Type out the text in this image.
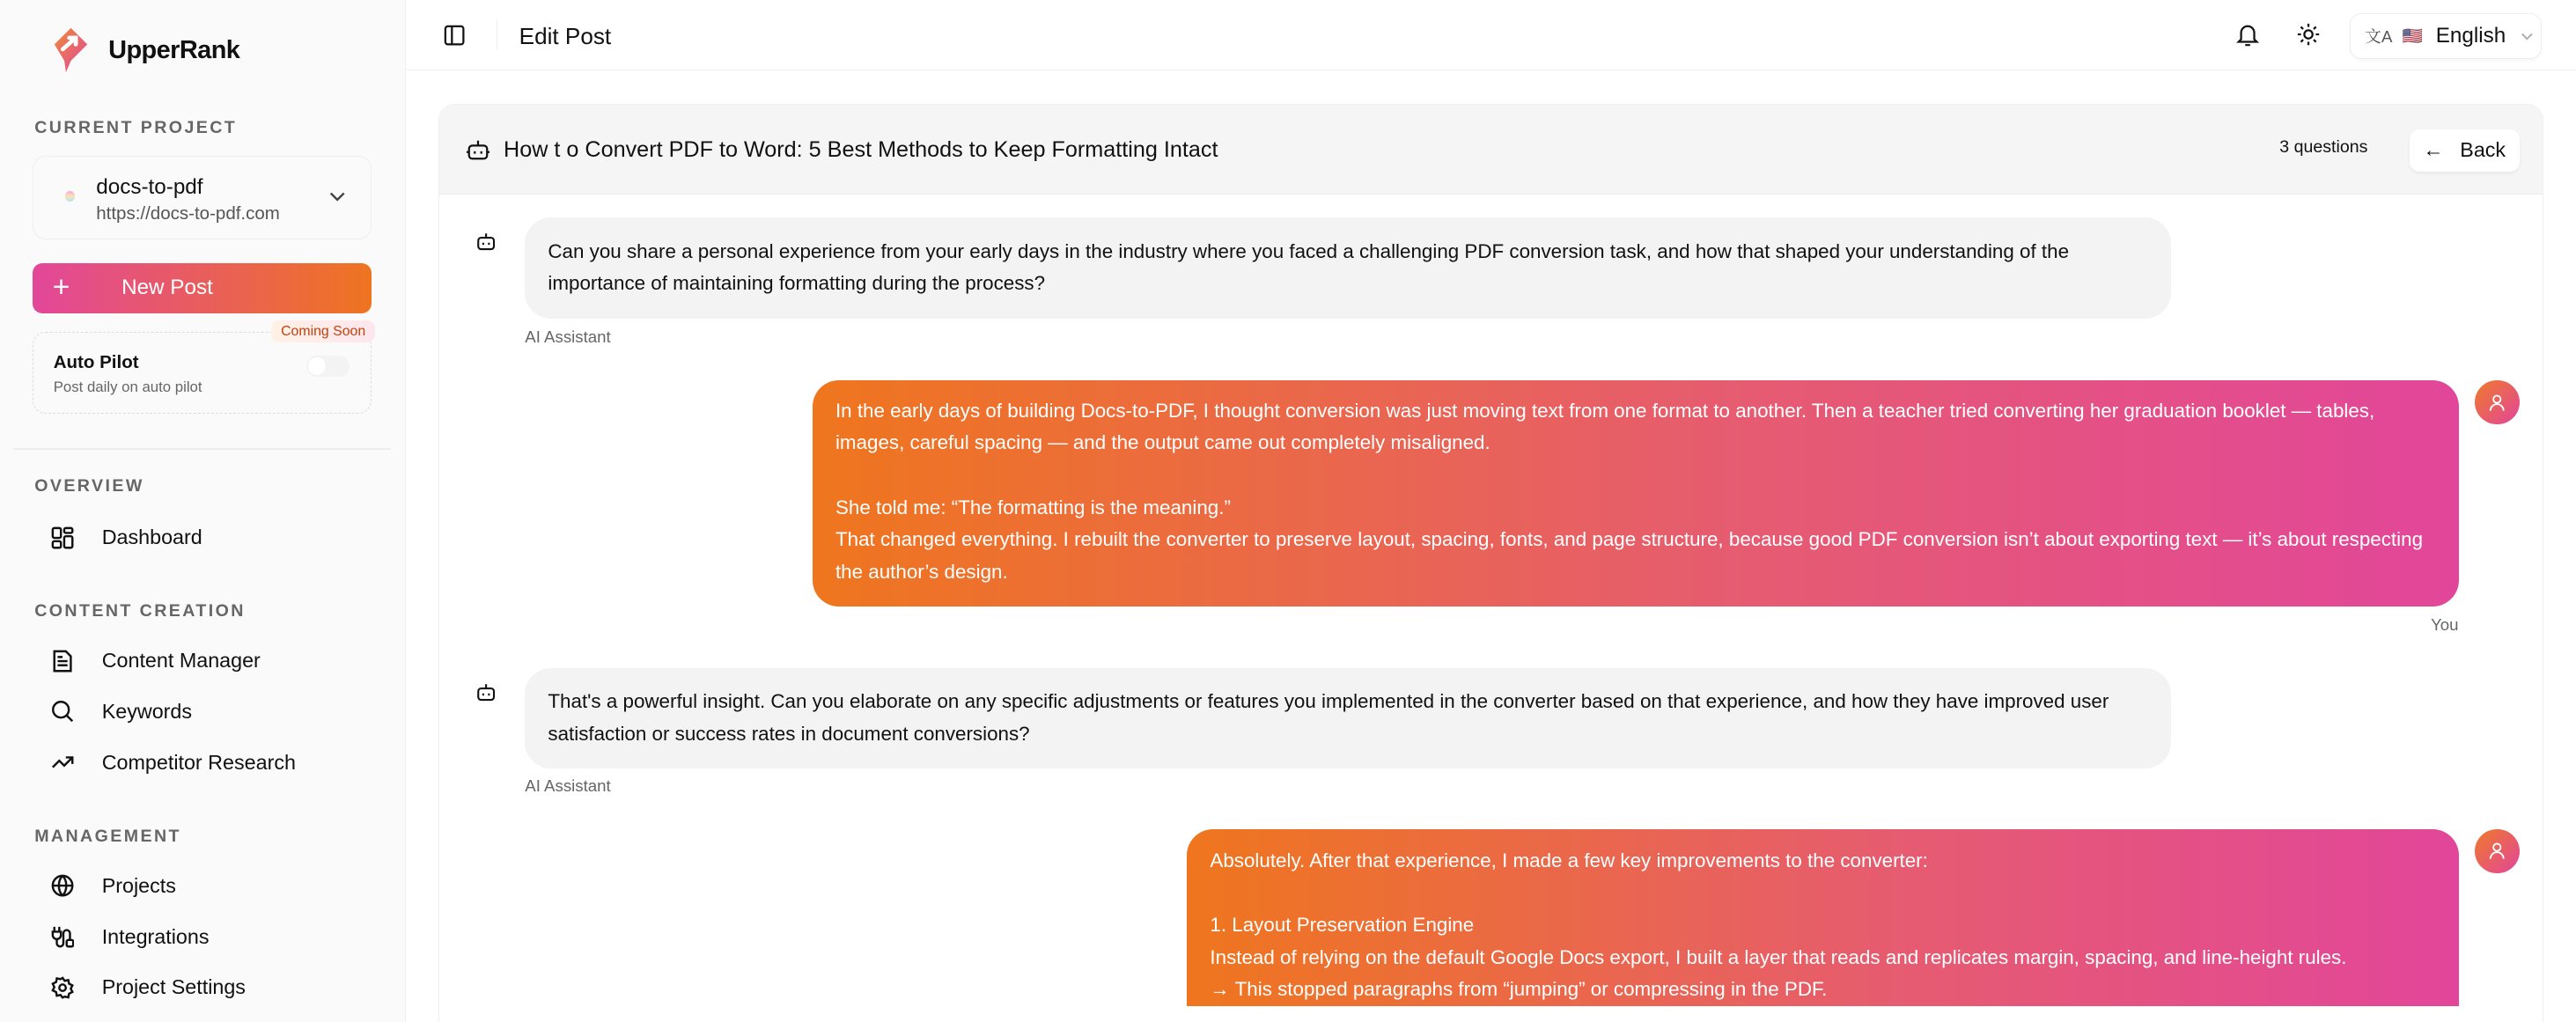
UpperRank
CURRENT PROJECT
docs-to-pdf
https://docs-to-pdf.com
+	New Post
Auto Pilot
Post daily on auto pilot
Coming Soon
OVERVIEW
Dashboard
CONTENT CREATION
Content Manager
Keywords
Competitor Research
MANAGEMENT
Projects
Integrations
Project Settings
Edit Post	文A 🇺🇸 English
How t o Convert PDF to Word: 5 Best Methods to Keep Formatting Intact	3 questions	← Back
Can you share a personal experience from your early days in the industry where you faced a challenging PDF conversion task, and how that shaped your understanding of the importance of maintaining formatting during the process?
AI Assistant
In the early days of building Docs-to-PDF, I thought conversion was just moving text from one format to another. Then a teacher tried converting her graduation booklet — tables, images, careful spacing — and the output came out completely misaligned.

She told me: “The formatting is the meaning.”
That changed everything. I rebuilt the converter to preserve layout, spacing, fonts, and page structure, because good PDF conversion isn’t about exporting text — it’s about respecting the author’s design.
You
That's a powerful insight. Can you elaborate on any specific adjustments or features you implemented in the converter based on that experience, and how they have improved user satisfaction or success rates in document conversions?
AI Assistant
Absolutely. After that experience, I made a few key improvements to the converter:

1. Layout Preservation Engine
Instead of relying on the default Google Docs export, I built a layer that reads and replicates margin, spacing, and line-height rules.
→ This stopped paragraphs from “jumping” or compressing in the PDF.
